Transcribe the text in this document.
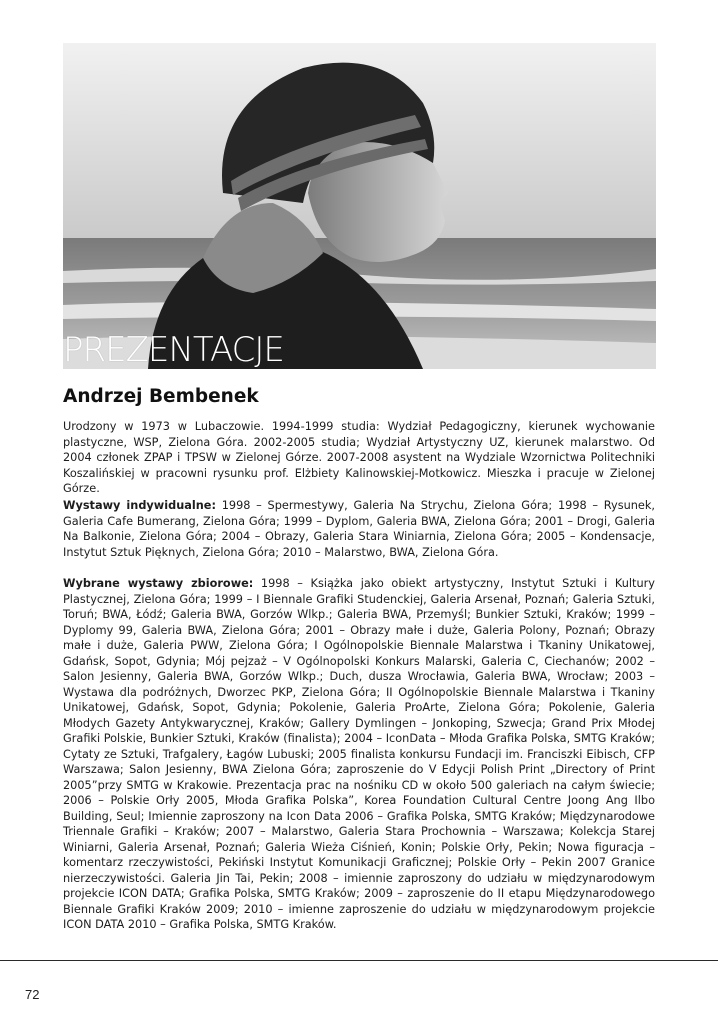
PREZENTACJE
Andrzej Bembenek

Urodzony w 1973 w Lubaczowie. 1994-1999 studia: Wydział Pedagogiczny, kierunek wychowanie plastyczne, WSP, Zielona Góra. 2002-2005 studia; Wydział Artystyczny UZ, kierunek malarstwo. Od 2004 członek ZPAP i TPSW w Zielonej Górze. 2007-2008 asystent na Wydziale Wzornictwa Politechniki Koszalińskiej w pracowni rysunku prof. Elżbiety Kalinowskiej-Motkowicz. Mieszka i pracuje w Zielonej Górze.

Wystawy indywidualne: 1998 – Spermestywy, Galeria Na Strychu, Zielona Góra; 1998 – Rysunek, Galeria Cafe Bumerang, Zielona Góra; 1999 – Dyplom, Galeria BWA, Zielona Góra; 2001 – Drogi, Galeria Na Balkonie, Zielona Góra; 2004 – Obrazy, Galeria Stara Winiarnia, Zielona Góra; 2005 – Kondensacje, Instytut Sztuk Pięknych, Zielona Góra; 2010 – Malarstwo, BWA, Zielona Góra.

Wybrane wystawy zbiorowe: 1998 – Książka jako obiekt artystyczny, Instytut Sztuki i Kultury Plastycznej, Zielona Góra; 1999 – I Biennale Grafiki Studenckiej, Galeria Arsenał, Poznań; Galeria Sztuki, Toruń; BWA, Łódź; Galeria BWA, Gorzów Wlkp.; Galeria BWA, Przemyśl; Bunkier Sztuki, Kraków; 1999 – Dyplomy 99, Galeria BWA, Zielona Góra; 2001 – Obrazy małe i duże, Galeria Polony, Poznań; Obrazy małe i duże, Galeria PWW, Zielona Góra; I Ogólnopolskie Biennale Malarstwa i Tkaniny Unikatowej, Gdańsk, Sopot, Gdynia; Mój pejzaż – V Ogólnopolski Konkurs Malarski, Galeria C, Ciechanów; 2002 – Salon Jesienny, Galeria BWA, Gorzów Wlkp.; Duch, dusza Wrocławia, Galeria BWA, Wrocław; 2003 – Wystawa dla podróżnych, Dworzec PKP, Zielona Góra; II Ogólnopolskie Biennale Malarstwa i Tkaniny Unikatowej, Gdańsk, Sopot, Gdynia; Pokolenie, Galeria ProArte, Zielona Góra; Pokolenie, Galeria Młodych Gazety Antykwarycznej, Kraków; Gallery Dymlingen – Jonkoping, Szwecja; Grand Prix Młodej Grafiki Polskie, Bunkier Sztuki, Kraków (finalista); 2004 – IconData – Młoda Grafika Polska, SMTG Kraków; Cytaty ze Sztuki, Trafgalery, Łagów Lubuski; 2005 finalista konkursu Fundacji im. Franciszki Eibisch, CFP Warszawa; Salon Jesienny, BWA Zielona Góra; zaproszenie do V Edycji Polish Print „Directory of Print 2005”przy SMTG w Krakowie. Prezentacja prac na nośniku CD w około 500 galeriach na całym świecie; 2006 – Polskie Orły 2005, Młoda Grafika Polska”, Korea Foundation Cultural Centre Joong Ang Ilbo Building, Seul; Imiennie zaproszony na Icon Data 2006 – Grafika Polska, SMTG Kraków; Międzynarodowe Triennale Grafiki – Kraków; 2007 – Malarstwo, Galeria Stara Prochownia – Warszawa; Kolekcja Starej Winiarni, Galeria Arsenał, Poznań; Galeria Wieża Ciśnień, Konin; Polskie Orły, Pekin; Nowa figuracja – komentarz rzeczywistości, Pekiński Instytut Komunikacji Graficznej; Polskie Orły – Pekin 2007 Granice nierzeczywistości. Galeria Jin Tai, Pekin; 2008 – imiennie zaproszony do udziału w międzynarodowym projekcie ICON DATA; Grafika Polska, SMTG Kraków; 2009 – zaproszenie do II etapu Międzynarodowego Biennale Grafiki Kraków 2009; 2010 – imienne zaproszenie do udziału w międzynarodowym projekcie ICON DATA 2010 – Grafika Polska, SMTG Kraków.

72
